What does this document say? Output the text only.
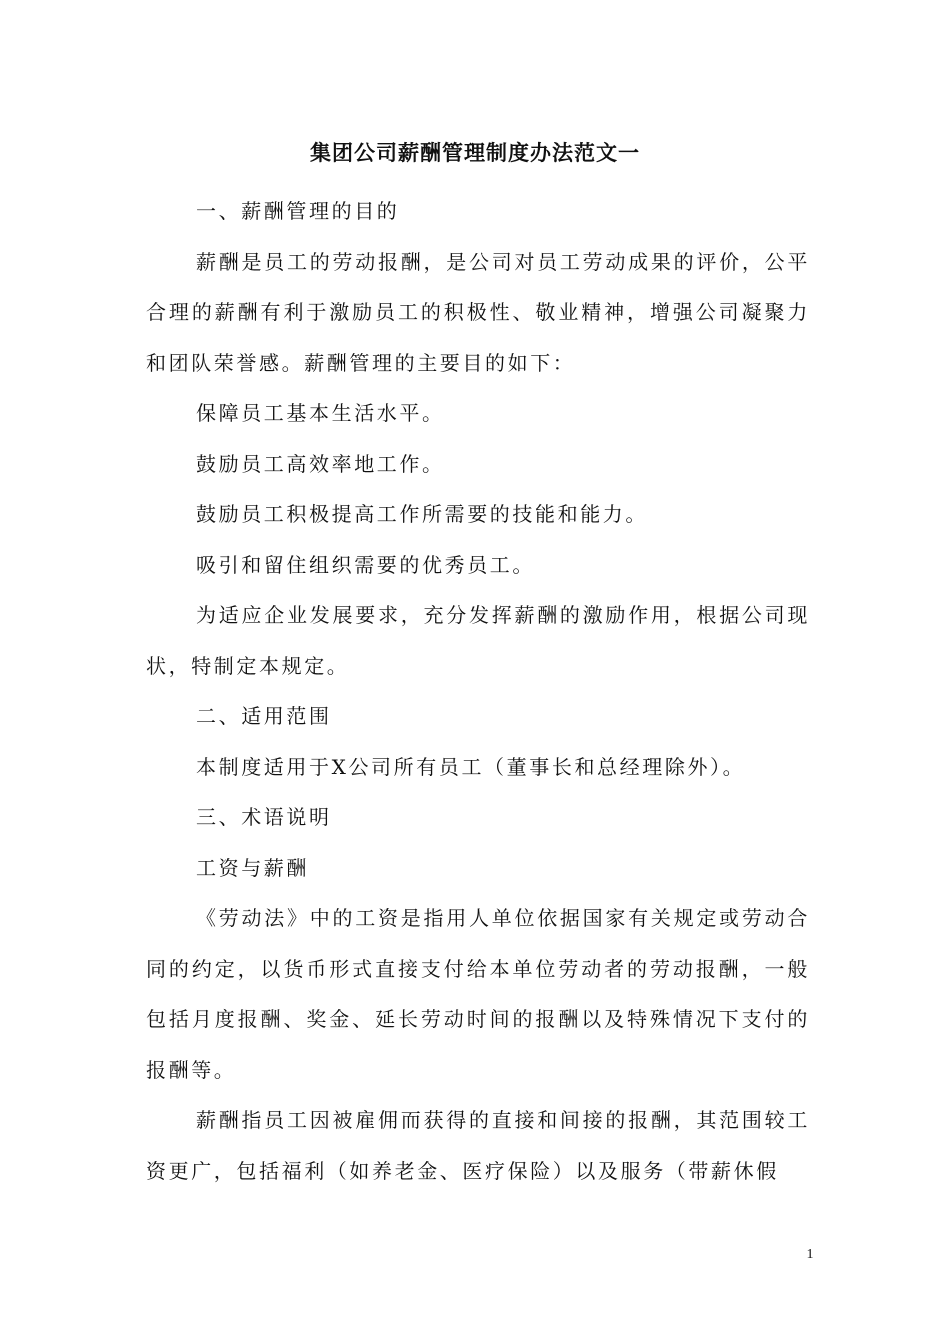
集团公司薪酬管理制度办法范文一

一、薪酬管理的目的

薪酬是员工的劳动报酬，是公司对员工劳动成果的评价，公平合理的薪酬有利于激励员工的积极性、敬业精神，增强公司凝聚力和团队荣誉感。薪酬管理的主要目的如下：

保障员工基本生活水平。

鼓励员工高效率地工作。

鼓励员工积极提高工作所需要的技能和能力。

吸引和留住组织需要的优秀员工。

为适应企业发展要求，充分发挥薪酬的激励作用，根据公司现状，特制定本规定。

二、适用范围

本制度适用于X公司所有员工（董事长和总经理除外）。

三、术语说明

工资与薪酬

《劳动法》中的工资是指用人单位依据国家有关规定或劳动合同的约定，以货币形式直接支付给本单位劳动者的劳动报酬，一般包括月度报酬、奖金、延长劳动时间的报酬以及特殊情况下支付的报酬等。

薪酬指员工因被雇佣而获得的直接和间接的报酬，其范围较工资更广，包括福利（如养老金、医疗保险）以及服务（带薪休假

1
